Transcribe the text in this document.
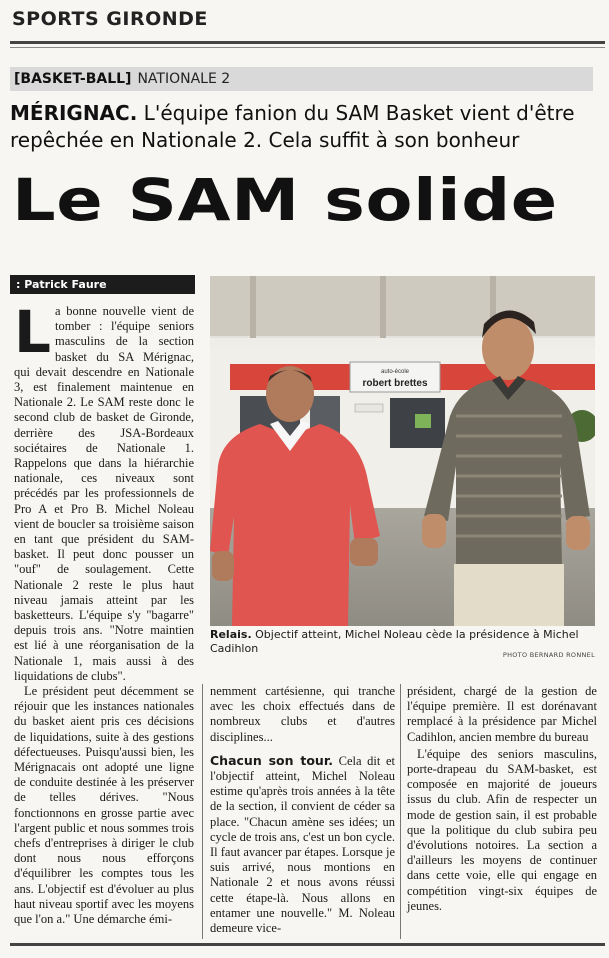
SPORTS GIRONDE
[BASKET-BALL] NATIONALE 2
MÉRIGNAC. L'équipe fanion du SAM Basket vient d'être repêchée en Nationale 2. Cela suffit à son bonheur
Le SAM solide
: Patrick Faure

La bonne nouvelle vient de tomber : l'équipe seniors masculins de la section basket du SA Mérignac, qui devait descendre en Nationale 3, est finalement maintenue en Nationale 2. Le SAM reste donc le second club de basket de Gironde, derrière des JSA-Bordeaux sociétaires de Nationale 1. Rappelons que dans la hiérarchie nationale, ces niveaux sont précédés par les professionnels de Pro A et Pro B. Michel Noleau vient de boucler sa troisième saison en tant que président du SAM-basket. Il peut donc pousser un "ouf" de soulagement. Cette Nationale 2 reste le plus haut niveau jamais atteint par les basketteurs. L'équipe s'y "bagarre" depuis trois ans. "Notre maintien est lié à une réorganisation de la Nationale 1, mais aussi à des liquidations de clubs".

Le président peut décemment se réjouir que les instances nationales du basket aient pris ces décisions de liquidations, suite à des gestions défectueuses. Puisqu'aussi bien, les Mérignacais ont adopté une ligne de conduite destinée à les préserver de telles dérives. "Nous fonctionnons en grosse partie avec l'argent public et nous sommes trois chefs d'entreprises à diriger le club dont nous nous efforçons d'équilibrer les comptes tous les ans. L'objectif est d'évoluer au plus haut niveau sportif avec les moyens que l'on a." Une démarche émi-

auto-école
robert brettes
Relais. Objectif atteint, Michel Noleau cède la présidence à Michel Cadihlon	PHOTO BERNARD RONNEL

nemment cartésienne, qui tranche avec les choix effectués dans de nombreux clubs et d'autres disciplines...

Chacun son tour. Cela dit et l'objectif atteint, Michel Noleau estime qu'après trois années à la tête de la section, il convient de céder sa place. "Chacun amène ses idées; un cycle de trois ans, c'est un bon cycle. Il faut avancer par étapes. Lorsque je suis arrivé, nous montions en Nationale 2 et nous avons réussi cette étape-là. Nous allons en entamer une nouvelle." M. Noleau demeure vice-

président, chargé de la gestion de l'équipe première. Il est dorénavant remplacé à la présidence par Michel Cadihlon, ancien membre du bureau

L'équipe des seniors masculins, porte-drapeau du SAM-basket, est composée en majorité de joueurs issus du club. Afin de respecter un mode de gestion sain, il est probable que la politique du club subira peu d'évolutions notoires. La section a d'ailleurs les moyens de continuer dans cette voie, elle qui engage en compétition vingt-six équipes de jeunes.
